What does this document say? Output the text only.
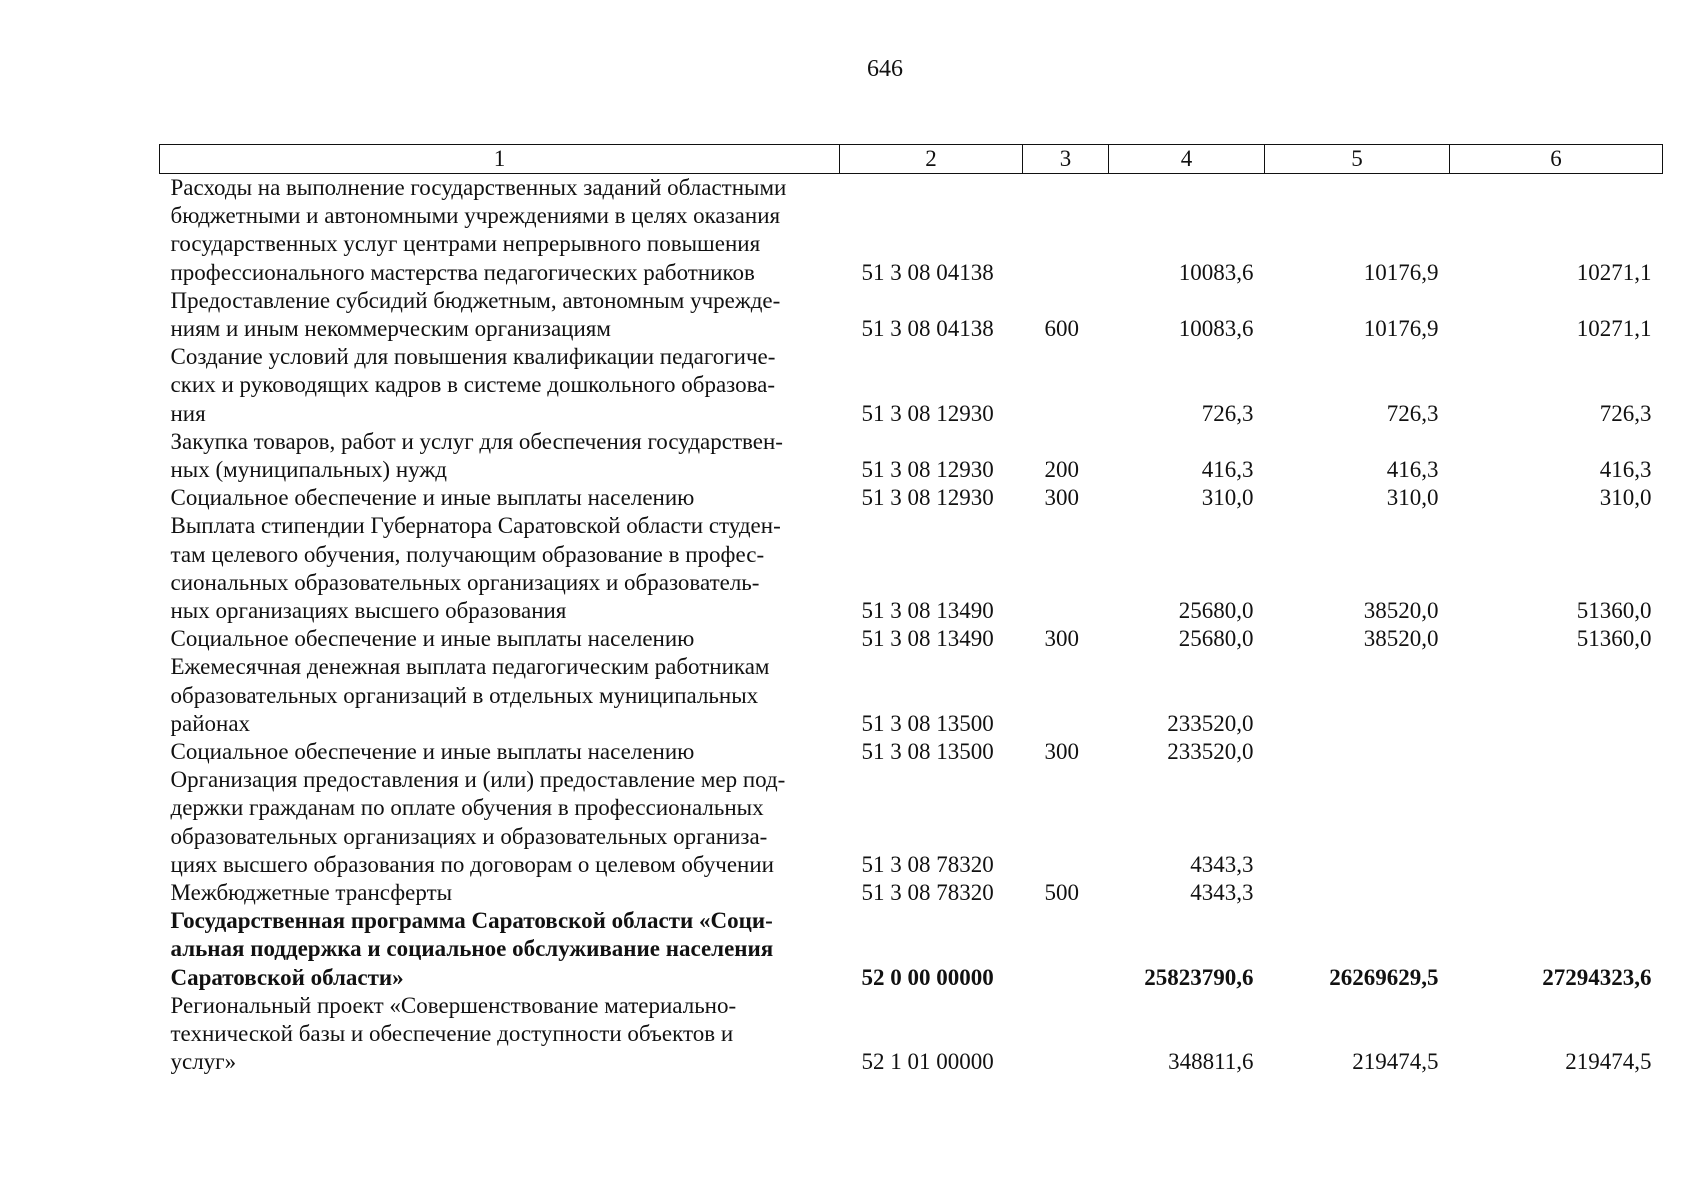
646
1	2	3	4	5	6
Расходы на выполнение государственных заданий областными
бюджетными и автономными учреждениями в целях оказания
государственных услуг центрами непрерывного повышения
профессионального мастерства педагогических работников	51 3 08 04138		10083,6	10176,9	10271,1
Предоставление субсидий бюджетным, автономным учрежде-
ниям и иным некоммерческим организациям	51 3 08 04138	600	10083,6	10176,9	10271,1
Создание условий для повышения квалификации педагогиче-
ских и руководящих кадров в системе дошкольного образова-
ния	51 3 08 12930		726,3	726,3	726,3
Закупка товаров, работ и услуг для обеспечения государствен-
ных (муниципальных) нужд	51 3 08 12930	200	416,3	416,3	416,3
Социальное обеспечение и иные выплаты населению	51 3 08 12930	300	310,0	310,0	310,0
Выплата стипендии Губернатора Саратовской области студен-
там целевого обучения, получающим образование в профес-
сиональных образовательных организациях и образователь-
ных организациях высшего образования	51 3 08 13490		25680,0	38520,0	51360,0
Социальное обеспечение и иные выплаты населению	51 3 08 13490	300	25680,0	38520,0	51360,0
Ежемесячная денежная выплата педагогическим работникам
образовательных организаций в отдельных муниципальных
районах	51 3 08 13500		233520,0		
Социальное обеспечение и иные выплаты населению	51 3 08 13500	300	233520,0		
Организация предоставления и (или) предоставление мер под-
держки гражданам по оплате обучения в профессиональных
образовательных организациях и образовательных организа-
циях высшего образования по договорам о целевом обучении	51 3 08 78320		4343,3		
Межбюджетные трансферты	51 3 08 78320	500	4343,3		
Государственная программа Саратовской области «Соци-
альная поддержка и социальное обслуживание населения
Саратовской области»	52 0 00 00000		25823790,6	26269629,5	27294323,6
Региональный проект «Совершенствование материально-
технической базы и обеспечение доступности объектов и
услуг»	52 1 01 00000		348811,6	219474,5	219474,5
